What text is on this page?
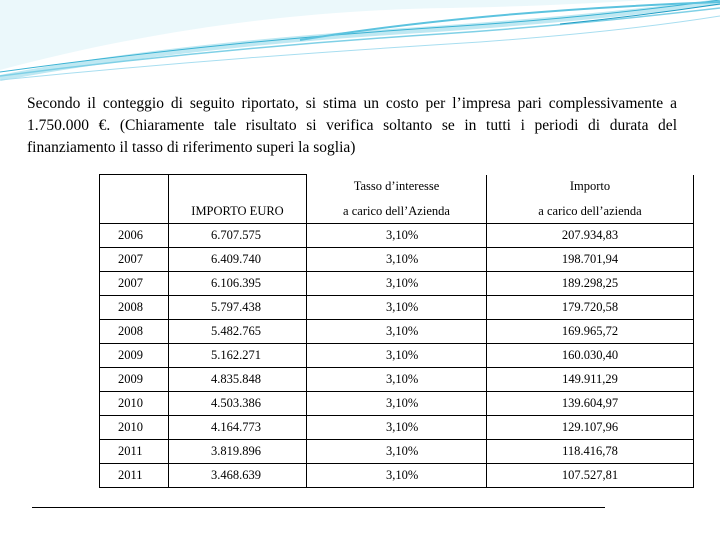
Secondo il conteggio di seguito riportato, si stima un costo per l’impresa pari complessivamente a 1.750.000 €. (Chiaramente tale risultato si verifica soltanto se in tutti i periodi di durata del finanziamento il tasso di riferimento superi la soglia)

		Tasso d’interesse	Importo
	IMPORTO EURO	a carico dell’Azienda	a carico dell’azienda
2006	6.707.575	3,10%	207.934,83
2007	6.409.740	3,10%	198.701,94
2007	6.106.395	3,10%	189.298,25
2008	5.797.438	3,10%	179.720,58
2008	5.482.765	3,10%	169.965,72
2009	5.162.271	3,10%	160.030,40
2009	4.835.848	3,10%	149.911,29
2010	4.503.386	3,10%	139.604,97
2010	4.164.773	3,10%	129.107,96
2011	3.819.896	3,10%	118.416,78
2011	3.468.639	3,10%	107.527,81
